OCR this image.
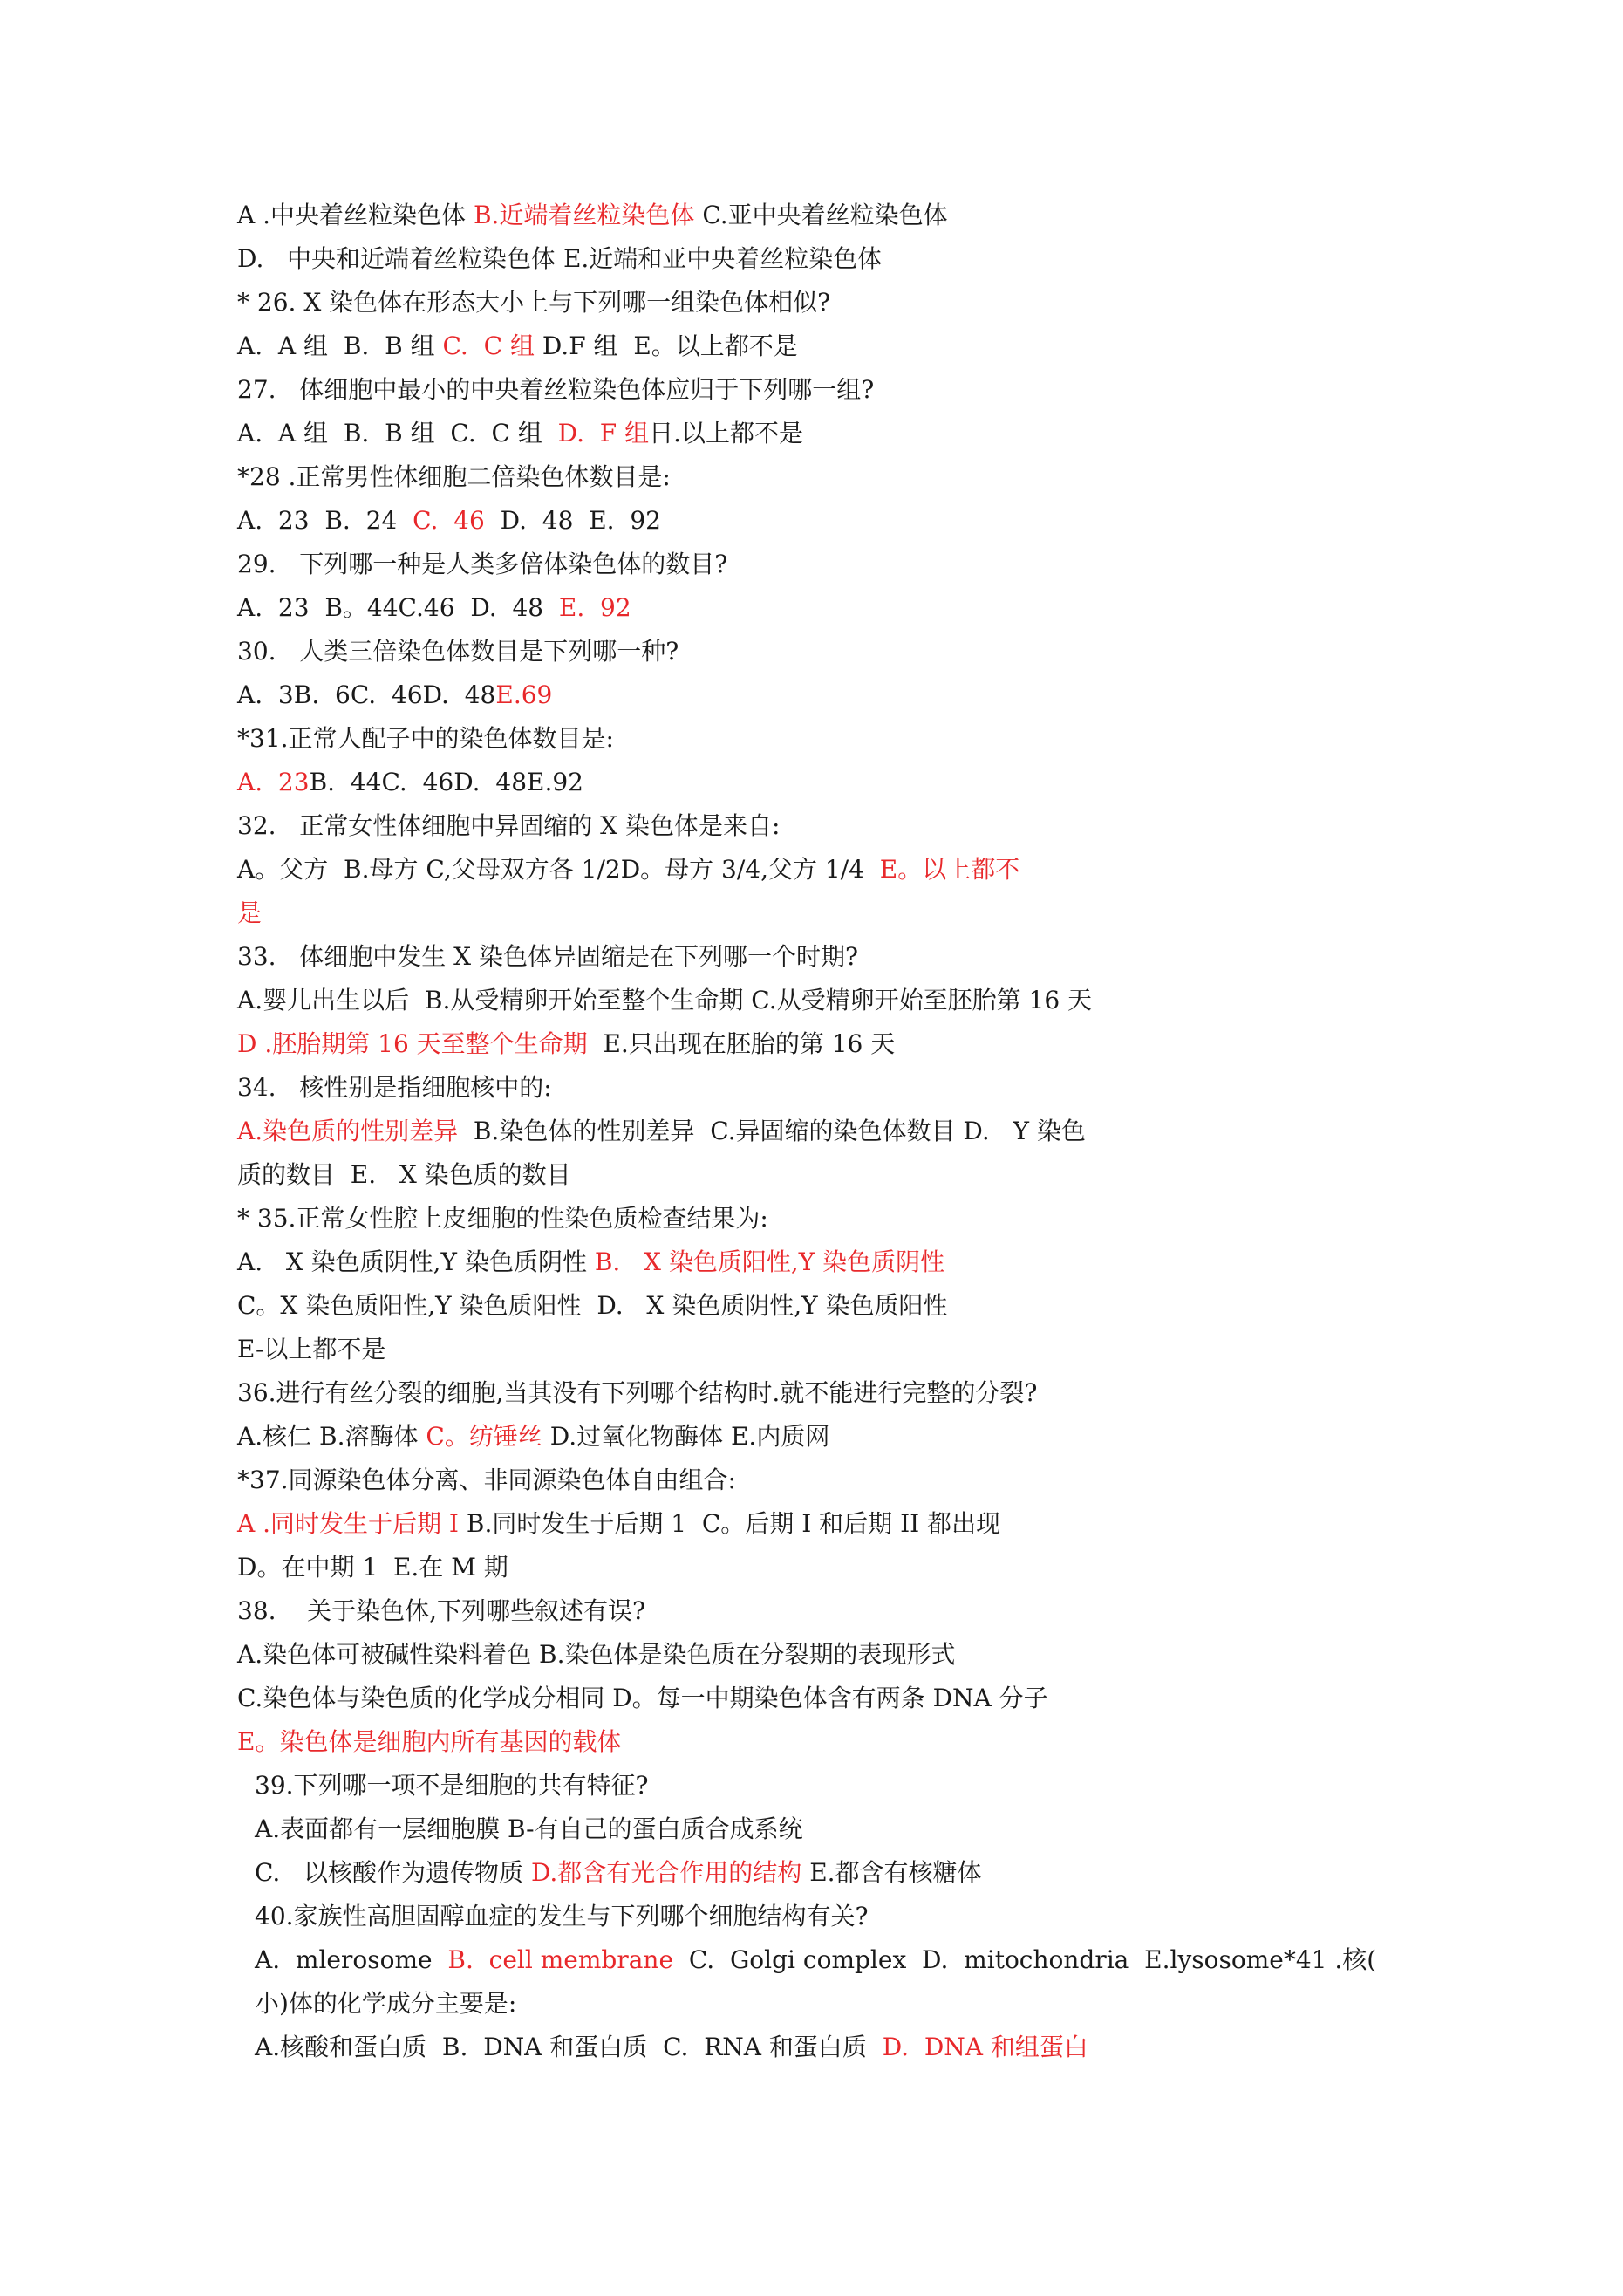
A .中央着丝粒染色体 B.近端着丝粒染色体 C.亚中央着丝粒染色体
D.   中央和近端着丝粒染色体 E.近端和亚中央着丝粒染色体
* 26. X 染色体在形态大小上与下列哪一组染色体相似?
A.  A 组  B.  B 组 C.  C 组 D.F 组  E。以上都不是
27.   体细胞中最小的中央着丝粒染色体应归于下列哪一组?
A.  A 组  B.  B 组  C.  C 组  D.  F 组日.以上都不是
*28 .正常男性体细胞二倍染色体数目是:
A.  23  B.  24  C.  46  D.  48  E.  92
29.   下列哪一种是人类多倍体染色体的数目?
A.  23  B。44C.46  D.  48  E.  92
30.   人类三倍染色体数目是下列哪一种?
A.  3B.  6C.  46D.  48E.69
*31.正常人配子中的染色体数目是:
A.  23B.  44C.  46D.  48E.92
32.   正常女性体细胞中异固缩的 X 染色体是来自:
A。父方  B.母方 C,父母双方各 1/2D。母方 3/4,父方 1/4  E。以上都不
是
33.   体细胞中发生 X 染色体异固缩是在下列哪一个时期?
A.婴儿出生以后  B.从受精卵开始至整个生命期 C.从受精卵开始至胚胎第 16 天
D .胚胎期第 16 天至整个生命期  E.只出现在胚胎的第 16 天
34.   核性别是指细胞核中的:
A.染色质的性别差异  B.染色体的性别差异  C.异固缩的染色体数目 D.   Y 染色
质的数目  E.   X 染色质的数目
* 35.正常女性腔上皮细胞的性染色质检查结果为:
A.   X 染色质阴性,Y 染色质阴性 B.   X 染色质阳性,Y 染色质阴性
C。X 染色质阳性,Y 染色质阳性  D.   X 染色质阴性,Y 染色质阳性
E-以上都不是
36.进行有丝分裂的细胞,当其没有下列哪个结构时.就不能进行完整的分裂?
A.核仁 B.溶酶体 C。纺锤丝 D.过氧化物酶体 E.内质网
*37.同源染色体分离、非同源染色体自由组合:
A .同时发生于后期 I B.同时发生于后期 1  C。后期 I 和后期 II 都出现
D。在中期 1  E.在 M 期
38.    关于染色体,下列哪些叙述有误?
A.染色体可被碱性染料着色 B.染色体是染色质在分裂期的表现形式
C.染色体与染色质的化学成分相同 D。每一中期染色体含有两条 DNA 分子
E。染色体是细胞内所有基因的载体
39.下列哪一项不是细胞的共有特征?
A.表面都有一层细胞膜 B-有自己的蛋白质合成系统
C.   以核酸作为遗传物质 D.都含有光合作用的结构 E.都含有核糖体
40.家族性高胆固醇血症的发生与下列哪个细胞结构有关?
A.  mlerosome  B.  cell membrane  C.  Golgi complex  D.  mitochondria  E.lysosome*41 .核(
小)体的化学成分主要是:
A.核酸和蛋白质  B.  DNA 和蛋白质  C.  RNA 和蛋白质  D.  DNA 和组蛋白
